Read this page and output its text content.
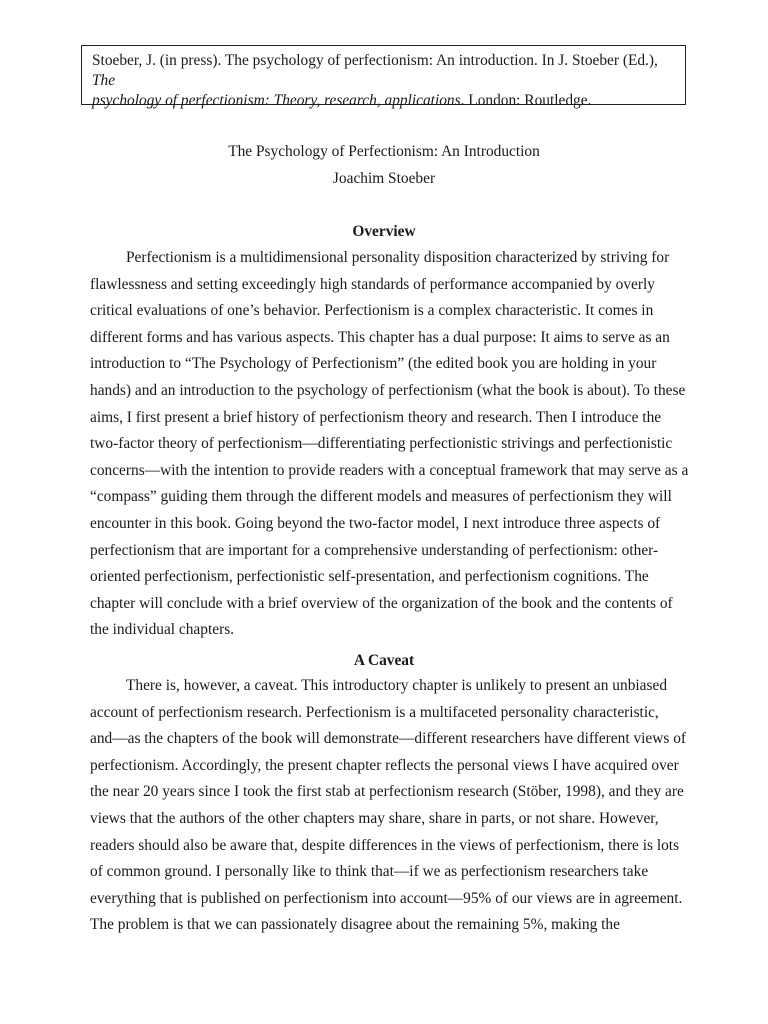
Stoeber, J. (in press). The psychology of perfectionism: An introduction. In J. Stoeber (Ed.), The
psychology of perfectionism: Theory, research, applications. London: Routledge.
The Psychology of Perfectionism: An Introduction
Joachim Stoeber
Overview
Perfectionism is a multidimensional personality disposition characterized by striving for
flawlessness and setting exceedingly high standards of performance accompanied by overly
critical evaluations of one’s behavior. Perfectionism is a complex characteristic. It comes in
different forms and has various aspects. This chapter has a dual purpose: It aims to serve as an
introduction to “The Psychology of Perfectionism” (the edited book you are holding in your
hands) and an introduction to the psychology of perfectionism (what the book is about). To these
aims, I first present a brief history of perfectionism theory and research. Then I introduce the
two-factor theory of perfectionism—differentiating perfectionistic strivings and perfectionistic
concerns—with the intention to provide readers with a conceptual framework that may serve as a
“compass” guiding them through the different models and measures of perfectionism they will
encounter in this book. Going beyond the two-factor model, I next introduce three aspects of
perfectionism that are important for a comprehensive understanding of perfectionism: other-
oriented perfectionism, perfectionistic self-presentation, and perfectionism cognitions. The
chapter will conclude with a brief overview of the organization of the book and the contents of
the individual chapters.
A Caveat
There is, however, a caveat. This introductory chapter is unlikely to present an unbiased
account of perfectionism research. Perfectionism is a multifaceted personality characteristic,
and—as the chapters of the book will demonstrate—different researchers have different views of
perfectionism. Accordingly, the present chapter reflects the personal views I have acquired over
the near 20 years since I took the first stab at perfectionism research (Stöber, 1998), and they are
views that the authors of the other chapters may share, share in parts, or not share. However,
readers should also be aware that, despite differences in the views of perfectionism, there is lots
of common ground. I personally like to think that—if we as perfectionism researchers take
everything that is published on perfectionism into account—95% of our views are in agreement.
The problem is that we can passionately disagree about the remaining 5%, making the
